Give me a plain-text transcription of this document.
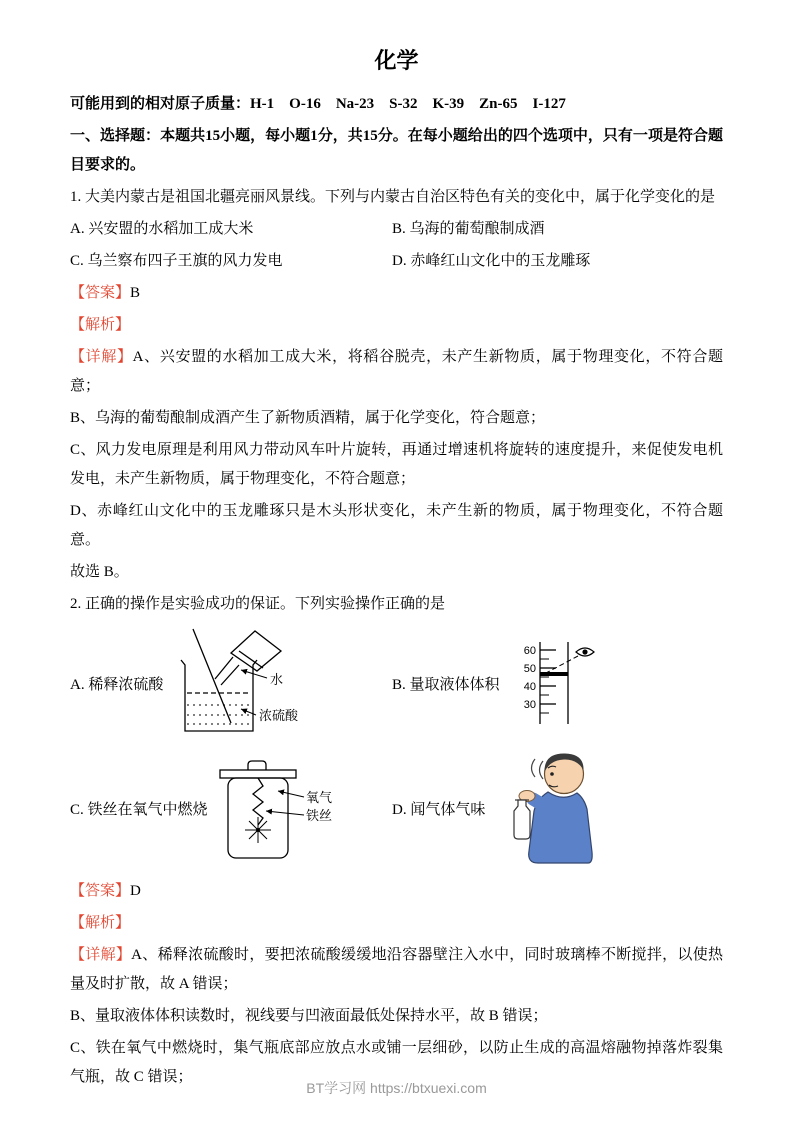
化学

可能用到的相对原子质量：H-1    O-16    Na-23    S-32    K-39    Zn-65    I-127

一、选择题：本题共15小题，每小题1分，共15分。在每小题给出的四个选项中，只有一项是符合题目要求的。

1. 大美内蒙古是祖国北疆亮丽风景线。下列与内蒙古自治区特色有关的变化中，属于化学变化的是

A. 兴安盟的水稻加工成大米	B. 乌海的葡萄酿制成酒
C. 乌兰察布四子王旗的风力发电	D. 赤峰红山文化中的玉龙雕琢

【答案】B

【解析】

【详解】A、兴安盟的水稻加工成大米，将稻谷脱壳，未产生新物质，属于物理变化，不符合题意；

B、乌海的葡萄酿制成酒产生了新物质酒精，属于化学变化，符合题意；

C、风力发电原理是利用风力带动风车叶片旋转，再通过增速机将旋转的速度提升，来促使发电机发电，未产生新物质，属于物理变化，不符合题意；

D、赤峰红山文化中的玉龙雕琢只是木头形状变化，未产生新的物质，属于物理变化，不符合题意。

故选 B。

2. 正确的操作是实验成功的保证。下列实验操作正确的是

A. 稀释浓硫酸	水
浓硫酸
B. 量取液体体积
60
50
40
30
C. 铁丝在氧气中燃烧
氧气
铁丝	D. 闻气体气味

【答案】D

【解析】

【详解】A、稀释浓硫酸时，要把浓硫酸缓缓地沿容器壁注入水中，同时玻璃棒不断搅拌，以使热量及时扩散，故 A 错误；

B、量取液体体积读数时，视线要与凹液面最低处保持水平，故 B 错误；

C、铁在氧气中燃烧时，集气瓶底部应放点水或铺一层细砂，以防止生成的高温熔融物掉落炸裂集气瓶，故 C 错误；

BT学习网 https://btxuexi.com
